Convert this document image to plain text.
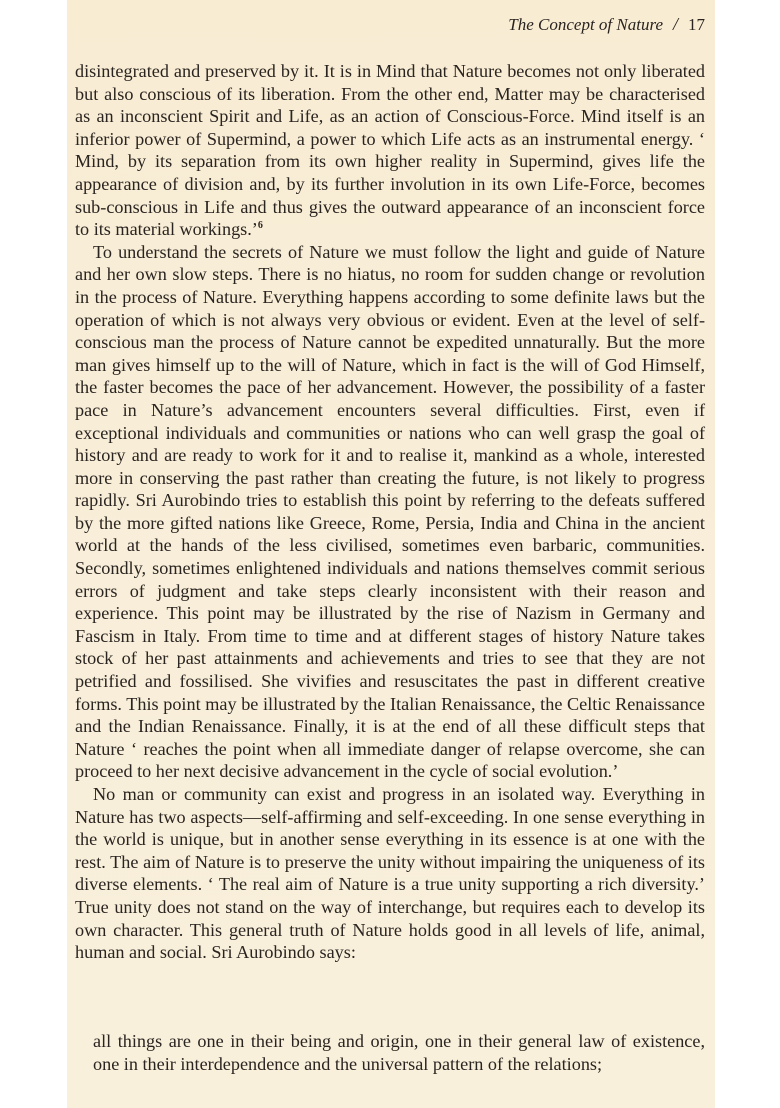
The Concept of Nature / 17

disintegrated and preserved by it. It is in Mind that Nature becomes not only liberated but also conscious of its liberation. From the other end, Matter may be characterised as an inconscient Spirit and Life, as an action of Conscious-Force. Mind itself is an inferior power of Supermind, a power to which Life acts as an instrumental energy. ‘ Mind, by its separation from its own higher reality in Supermind, gives life the appearance of division and, by its further involution in its own Life-Force, becomes sub-conscious in Life and thus gives the outward appearance of an inconscient force to its material workings.’$^6$

To understand the secrets of Nature we must follow the light and guide of Nature and her own slow steps. There is no hiatus, no room for sudden change or revolution in the process of Nature. Everything happens according to some definite laws but the operation of which is not always very obvious or evident. Even at the level of self-conscious man the process of Nature cannot be expedited unnaturally. But the more man gives himself up to the will of Nature, which in fact is the will of God Himself, the faster becomes the pace of her advancement. However, the possibility of a faster pace in Nature’s advancement encounters several difficulties. First, even if exceptional individuals and communities or nations who can well grasp the goal of history and are ready to work for it and to realise it, mankind as a whole, interested more in conserving the past rather than creating the future, is not likely to progress rapidly. Sri Aurobindo tries to establish this point by referring to the defeats suffered by the more gifted nations like Greece, Rome, Persia, India and China in the ancient world at the hands of the less civilised, sometimes even barbaric, communities. Secondly, sometimes enlightened individuals and nations themselves commit serious errors of judgment and take steps clearly inconsistent with their reason and experience. This point may be illustrated by the rise of Nazism in Germany and Fascism in Italy. From time to time and at different stages of history Nature takes stock of her past attainments and achievements and tries to see that they are not petrified and fossilised. She vivifies and resuscitates the past in different creative forms. This point may be illustrated by the Italian Renaissance, the Celtic Renaissance and the Indian Renaissance. Finally, it is at the end of all these difficult steps that Nature ‘ reaches the point when all immediate danger of relapse overcome, she can proceed to her next decisive advancement in the cycle of social evolution.’

No man or community can exist and progress in an isolated way. Everything in Nature has two aspects—self-affirming and self-exceeding. In one sense everything in the world is unique, but in another sense everything in its essence is at one with the rest. The aim of Nature is to preserve the unity without impairing the uniqueness of its diverse elements. ‘ The real aim of Nature is a true unity supporting a rich diversity.’ True unity does not stand on the way of interchange, but requires each to develop its own character. This general truth of Nature holds good in all levels of life, animal, human and social. Sri Aurobindo says:

all things are one in their being and origin, one in their general law of existence, one in their interdependence and the universal pattern of the relations;
